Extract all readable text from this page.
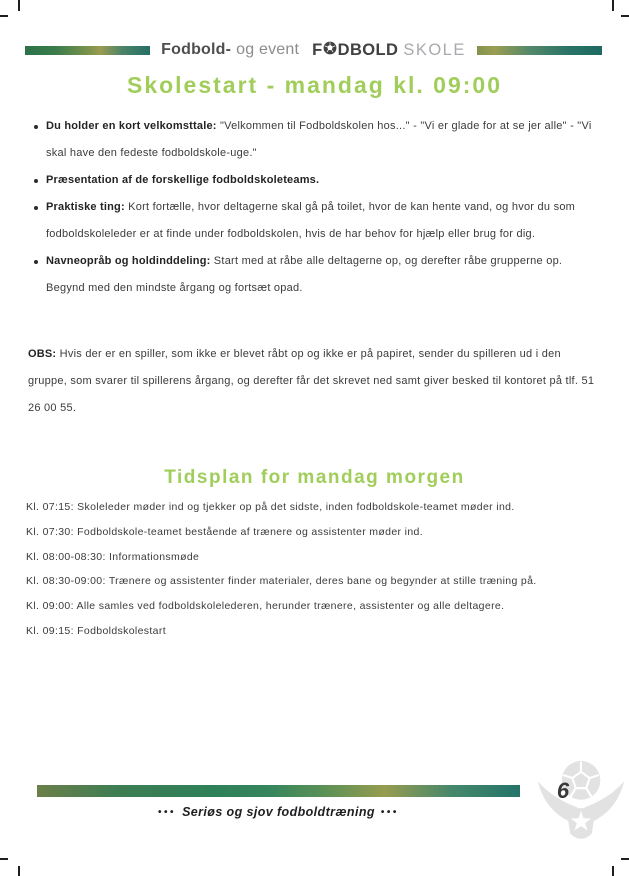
Fodbold- og event F DBOLD SKOLE
Skolestart - mandag kl. 09:00
Du holder en kort velkomsttale: "Velkommen til Fodboldskolen hos..." - "Vi er glade for at se jer alle" - "Vi skal have den fedeste fodboldskole-uge."
Præsentation af de forskellige fodboldskoleteams.
Praktiske ting: Kort fortælle, hvor deltagerne skal gå på toilet, hvor de kan hente vand, og hvor du som fodboldskoleleder er at finde under fodboldskolen, hvis de har behov for hjælp eller brug for dig.
Navneopråb og holdinddeling: Start med at råbe alle deltagerne op, og derefter råbe grupperne op. Begynd med den mindste årgang og fortsæt opad.

OBS: Hvis der er en spiller, som ikke er blevet råbt op og ikke er på papiret, sender du spilleren ud i den gruppe, som svarer til spillerens årgang, og derefter får det skrevet ned samt giver besked til kontoret på tlf. 51 26 00 55.

Tidsplan for mandag morgen

Kl. 07:15: Skoleleder møder ind og tjekker op på det sidste, inden fodboldskole-teamet møder ind.

Kl. 07:30: Fodboldskole-teamet bestående af trænere og assistenter møder ind.

Kl. 08:00-08:30: Informationsmøde

Kl. 08:30-09:00: Trænere og assistenter finder materialer, deres bane og begynder at stille træning på.

Kl. 09:00: Alle samles ved fodboldskolelederen, herunder trænere, assistenter og alle deltagere.

Kl. 09:15: Fodboldskolestart

••• Seriøs og sjov fodboldtræning •••

6
